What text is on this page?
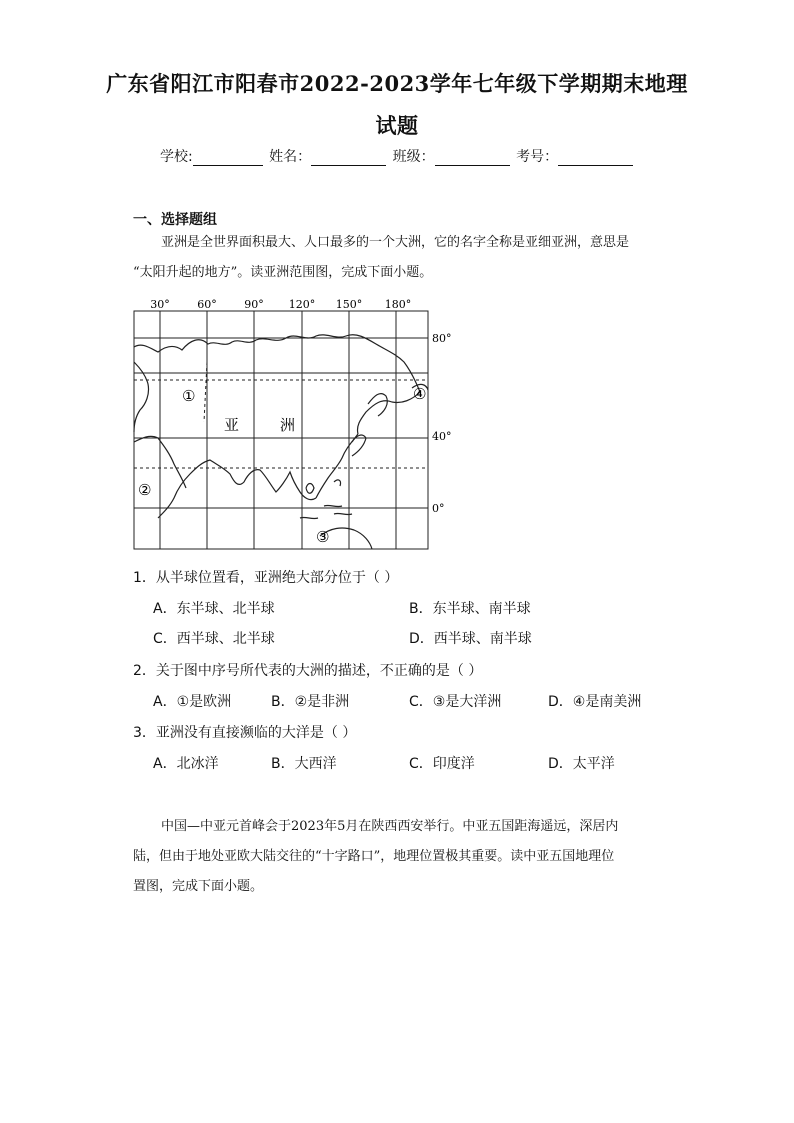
广东省阳江市阳春市2022-2023学年七年级下学期期末地理
试题
学校:	姓名：	班级：	考号：
一、选择题组
亚洲是全世界面积最大、人口最多的一个大洲，它的名字全称是亚细亚洲，意思是
“太阳升起的地方”。读亚洲范围图，完成下面小题。
30°	60°	90° 120° 150° 180°
80°
40°
0°
亚	洲
①
②
③
④
1．从半球位置看，亚洲绝大部分位于（ ）
A．东半球、北半球	B．东半球、南半球
C．西半球、北半球	D．西半球、南半球
2．关于图中序号所代表的大洲的描述，不正确的是（ ）
A．①是欧洲	B．②是非洲	C．③是大洋洲	D．④是南美洲
3．亚洲没有直接濒临的大洋是（ ）
A．北冰洋	B．大西洋	C．印度洋	D．太平洋
中国—中亚元首峰会于2023年5月在陕西西安举行。中亚五国距海遥远，深居内
陆，但由于地处亚欧大陆交往的“十字路口”，地理位置极其重要。读中亚五国地理位
置图，完成下面小题。
